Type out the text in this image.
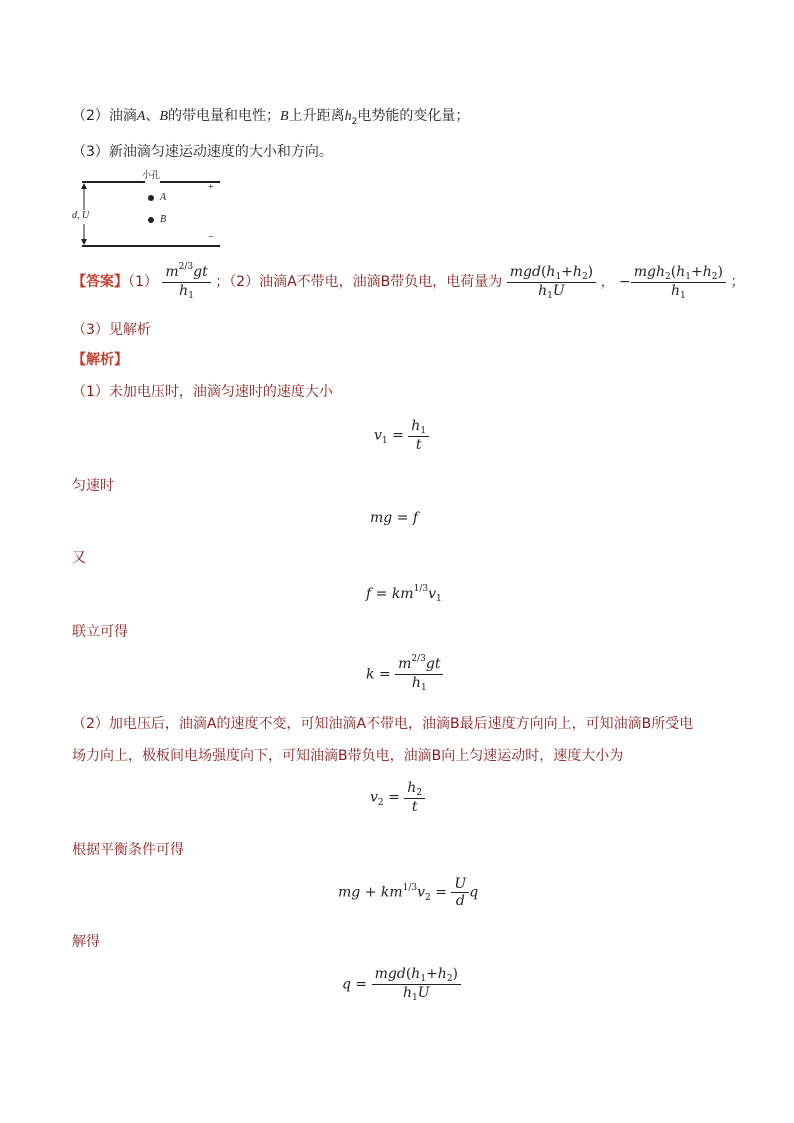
（2）油滴A、B的带电量和电性；B上升距离$h_2$电势能的变化量；
（3）新油滴匀速运动速度的大小和方向。
小孔
+
−
A
B
d, U
【答案】$(1) \frac{m^{2/3}gt}{h_1}$ ；（2）油滴A不带电，油滴B带负电，电荷量为 $\frac{mgd(h_1+h_2)}{h_1U}$ ， − $\frac{mgh_2(h_1+h_2)}{h_1}$ ；
（3）见解析
【解析】
（1）未加电压时，油滴匀速时的速度大小
$v_1 = \frac{h_1}{t}$
匀速时
mg = f
又
$f = km^{1/3}v_1$
联立可得
$k = \frac{m^{2/3}gt}{h_1}$
（2）加电压后，油滴A的速度不变，可知油滴A不带电，油滴B最后速度方向向上，可知油滴B所受电
场力向上，极板间电场强度向下，可知油滴B带负电，油滴B向上匀速运动时，速度大小为
$v_2 = \frac{h_2}{t}$
根据平衡条件可得
mg + $km^{1/3}v_2 = \frac{U}{d}$ q
解得
$q = \frac{mgd(h_1+h_2)}{h_1U}$
